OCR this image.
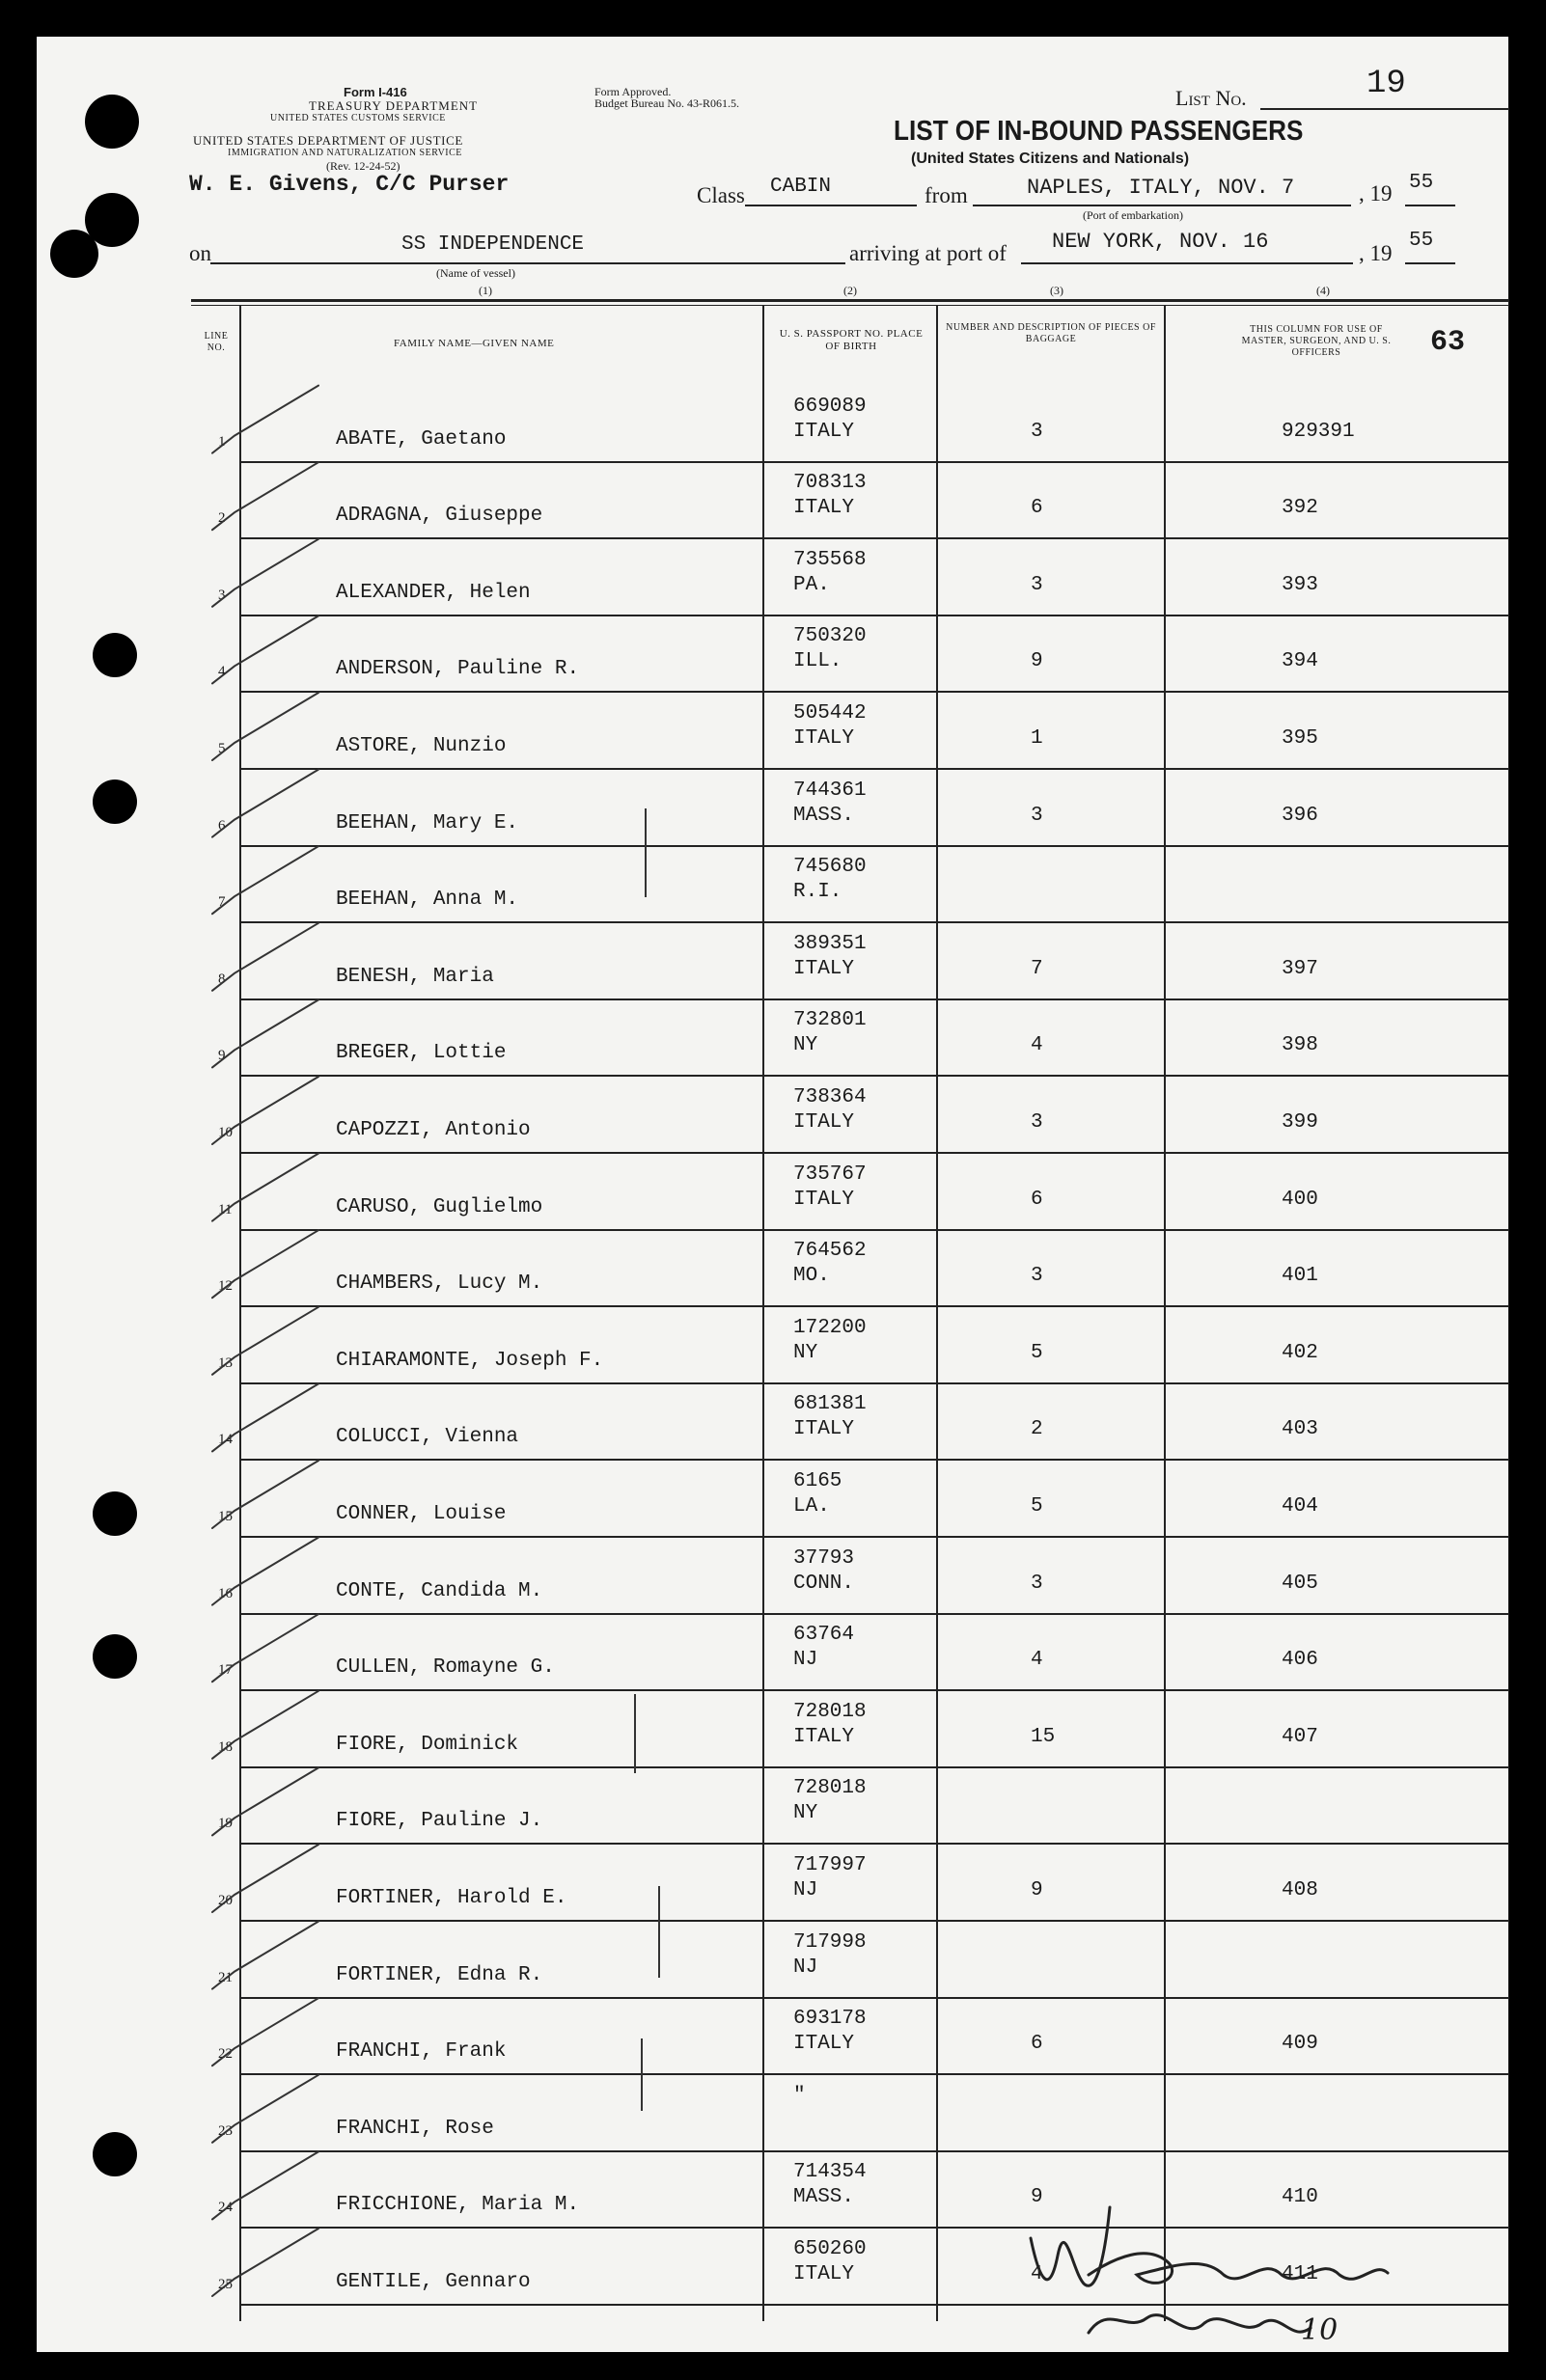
Form I-416
TREASURY DEPARTMENT
UNITED STATES CUSTOMS SERVICE
UNITED STATES DEPARTMENT OF JUSTICE
IMMIGRATION AND NATURALIZATION SERVICE
(Rev. 12-24-52)
Form Approved.
Budget Bureau No. 43-R061.5.	List No.	19
LIST OF IN-BOUND PASSENGERS
(United States Citizens and Nationals)
W. E. Givens, C/C Purser	Class CABIN	from	NAPLES, ITALY, NOV. 7	, 19 55
(Port of embarkation)
on	SS INDEPENDENCE
(Name of vessel)
arriving at port of NEW YORK, NOV. 16	, 19
55
(1)	(2)	(3)	(4)
LINE NO.	FAMILY NAME—GIVEN NAME
U. S. PASSPORT NO. PLACE OF BIRTH
NUMBER AND DESCRIPTION OF PIECES OF BAGGAGE
THIS COLUMN FOR USE OF MASTER, SURGEON, AND U. S. OFFICERS	63
1	ABATE, Gaetano
669089
ITALY	3	929391
2	ADRAGNA, Giuseppe
708313
ITALY	6	392
3	ALEXANDER, Helen
735568
PA.	3	393
4	ANDERSON, Pauline R.
750320
ILL.	9	394
5	ASTORE, Nunzio
505442
ITALY	1	395
6	BEEHAN, Mary E.
744361
MASS.	3	396
7	BEEHAN, Anna M.
745680
R.I.
8	BENESH, Maria
389351
ITALY	7	397
9	BREGER, Lottie
732801
NY	4	398
10	CAPOZZI, Antonio
738364
ITALY	3	399
11	CARUSO, Guglielmo
735767
ITALY	6	400
12	CHAMBERS, Lucy M.
764562
MO.	3	401
13	CHIARAMONTE, Joseph F.
172200
NY	5	402
14	COLUCCI, Vienna
681381
ITALY	2	403
15	CONNER, Louise
6165
LA.	5	404
16	CONTE, Candida M.
37793
CONN.	3	405
17	CULLEN, Romayne G.
63764
NJ	4	406
18	FIORE, Dominick
728018
ITALY	15	407
19	FIORE, Pauline J.
728018
NY
20	FORTINER, Harold E.
717997
NJ	9	408
21	FORTINER, Edna R.
717998
NJ
22	FRANCHI, Frank
693178
ITALY	6	409
23	FRANCHI, Rose
"
24	FRICCHIONE, Maria M.
714354
MASS.	9	410
25	GENTILE, Gennaro
650260
ITALY	4	411
10
